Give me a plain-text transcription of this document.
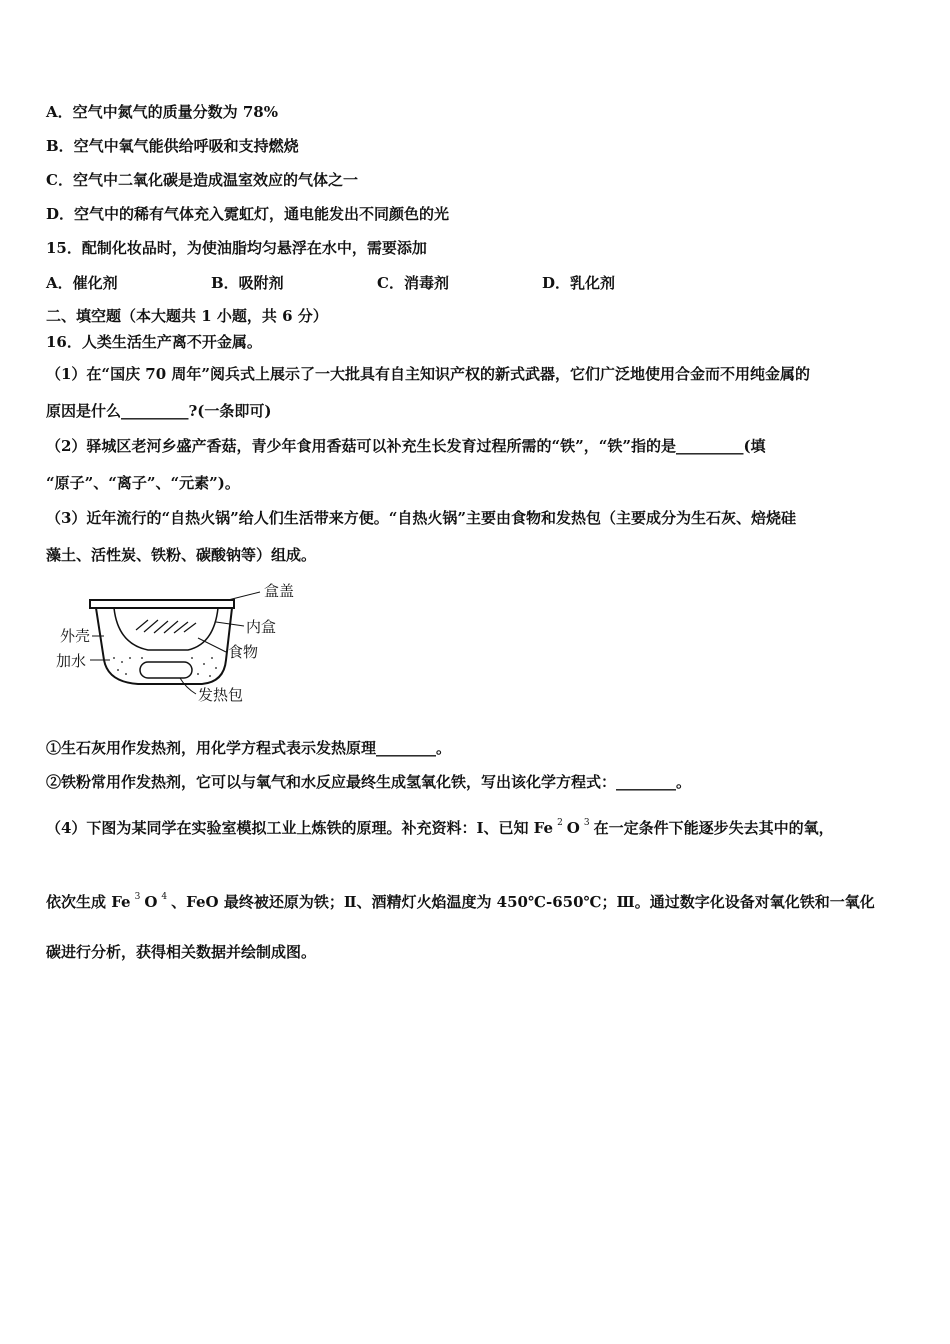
A．空气中氮气的质量分数为 78%
B．空气中氧气能供给呼吸和支持燃烧
C．空气中二氧化碳是造成温室效应的气体之一
D．空气中的稀有气体充入霓虹灯，通电能发出不同颜色的光
15．配制化妆品时，为使油脂均匀悬浮在水中，需要添加
A．催化剂	B．吸附剂	C．消毒剂	D．乳化剂
二、填空题（本大题共 1 小题，共 6 分）
16．人类生活生产离不开金属。
（1）在“国庆 70 周年”阅兵式上展示了一大批具有自主知识产权的新式武器，它们广泛地使用合金而不用纯金属的
原因是什么_________?(一条即可)
（2）驿城区老河乡盛产香菇，青少年食用香菇可以补充生长发育过程所需的“铁”，“铁”指的是_________(填
“原子”、“离子”、“元素”)。
（3）近年流行的“自热火锅”给人们生活带来方便。“自热火锅”主要由食物和发热包（主要成分为生石灰、焙烧硅
藻土、活性炭、铁粉、碳酸钠等）组成。
盒盖
内盒
食物
外壳
加水
发热包
①生石灰用作发热剂，用化学方程式表示发热原理________。
②铁粉常用作发热剂，它可以与氧气和水反应最终生成氢氧化铁，写出该化学方程式：________。
（4）下图为某同学在实验室模拟工业上炼铁的原理。补充资料：Ⅰ、已知 Fe $^2$ O $^3$ 在一定条件下能逐步失去其中的氧，
依次生成 Fe $^3$ O $^4$ 、FeO 最终被还原为铁；Ⅱ、酒精灯火焰温度为 450℃-650℃；Ⅲ。通过数字化设备对氧化铁和一氧化
碳进行分析，获得相关数据并绘制成图。
